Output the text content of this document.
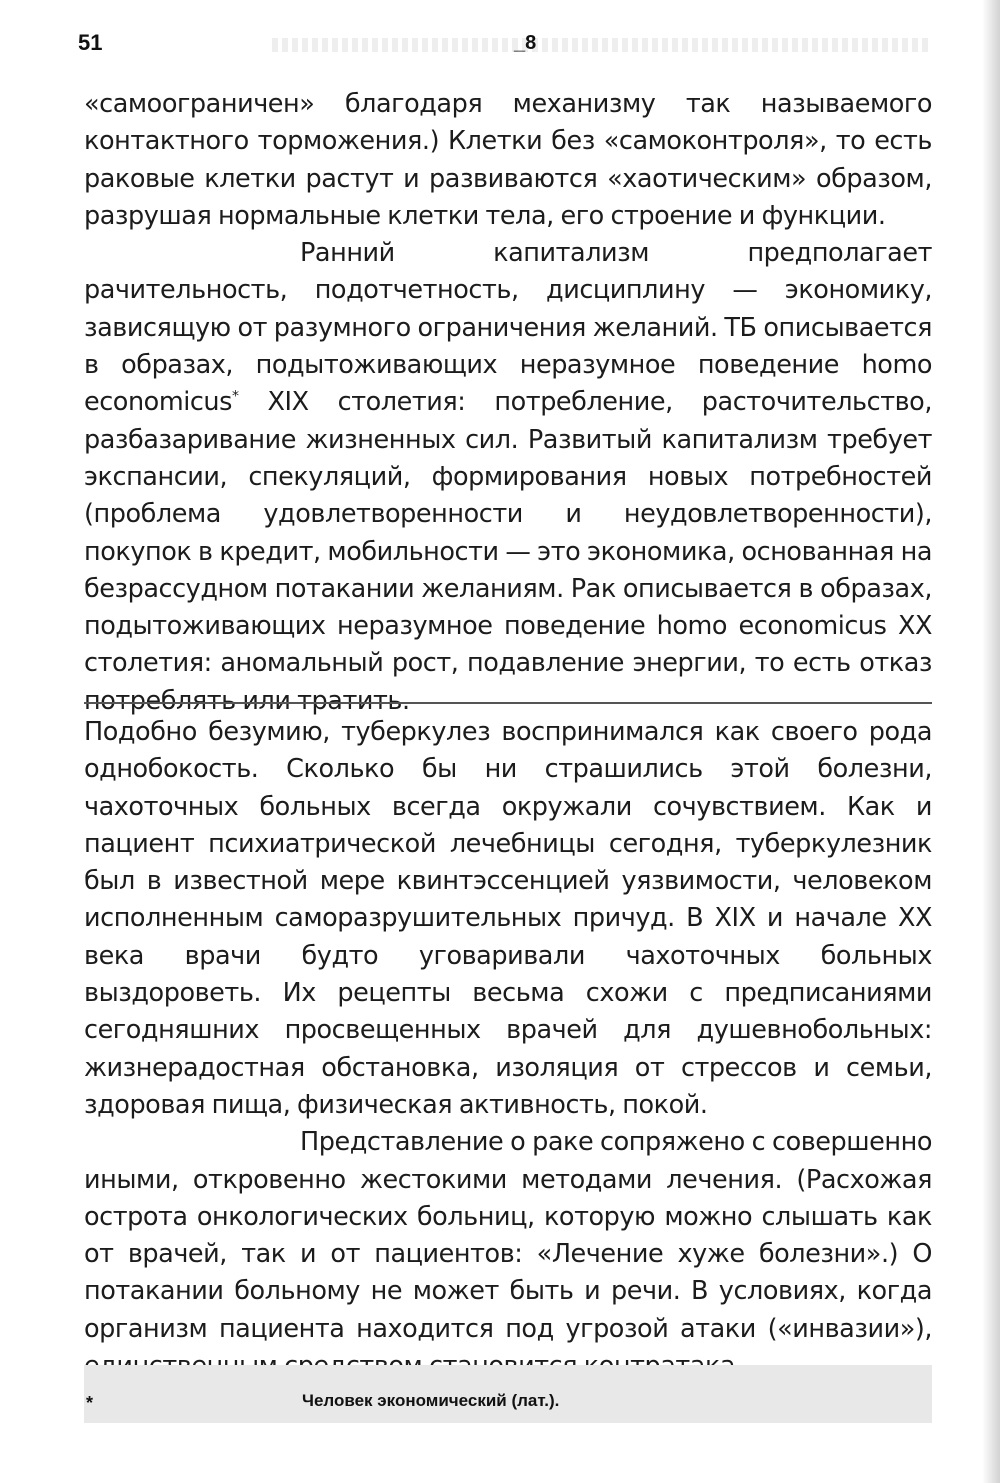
51	_8

«самоограничен» благодаря механизму так называемого контактного торможения.) Клетки без «самоконтроля», то есть раковые клетки растут и развиваются «хаотическим» образом, разрушая нормальные клетки тела, его строение и функции.

Ранний капитализм предполагает рачительность, подотчетность, дисциплину — экономику, зависящую от разумного ограничения желаний. ТБ описывается в образах, подытоживающих неразумное поведение homo economicus* XIX столетия: потребление, расточительство, разбазаривание жизненных сил. Развитый капитализм требует экспансии, спекуляций, формирования новых потребностей (проблема удовлетворенности и неудовлетворенности), покупок в кредит, мобильности — это экономика, основанная на безрассудном потакании желаниям. Рак описывается в образах, подытоживающих неразумное поведение homo economicus XX столетия: аномальный рост, подавление энергии, то есть отказ потреблять или тратить.

Подобно безумию, туберкулез воспринимался как своего рода однобокость. Сколько бы ни страшились этой болезни, чахоточных больных всегда окружали сочувствием. Как и пациент психиатрической лечебницы сегодня, туберкулезник был в известной мере квинтэссенцией уязвимости, человеком исполненным саморазрушительных причуд. В XIX и начале XX века врачи будто уговаривали чахоточных больных выздороветь. Их рецепты весьма схожи с предписаниями сегодняшних просвещенных врачей для душевнобольных: жизнерадостная обстановка, изоляция от стрессов и семьи, здоровая пища, физическая активность, покой.

Представление о раке сопряжено с совершенно иными, откровенно жестокими методами лечения. (Расхожая острота онкологических больниц, которую можно слышать как от врачей, так и от пациентов: «Лечение хуже болезни».) О потакании больному не может быть и речи. В условиях, когда организм пациента находится под угрозой атаки («инвазии»),

*	Человек экономический (лат.).
